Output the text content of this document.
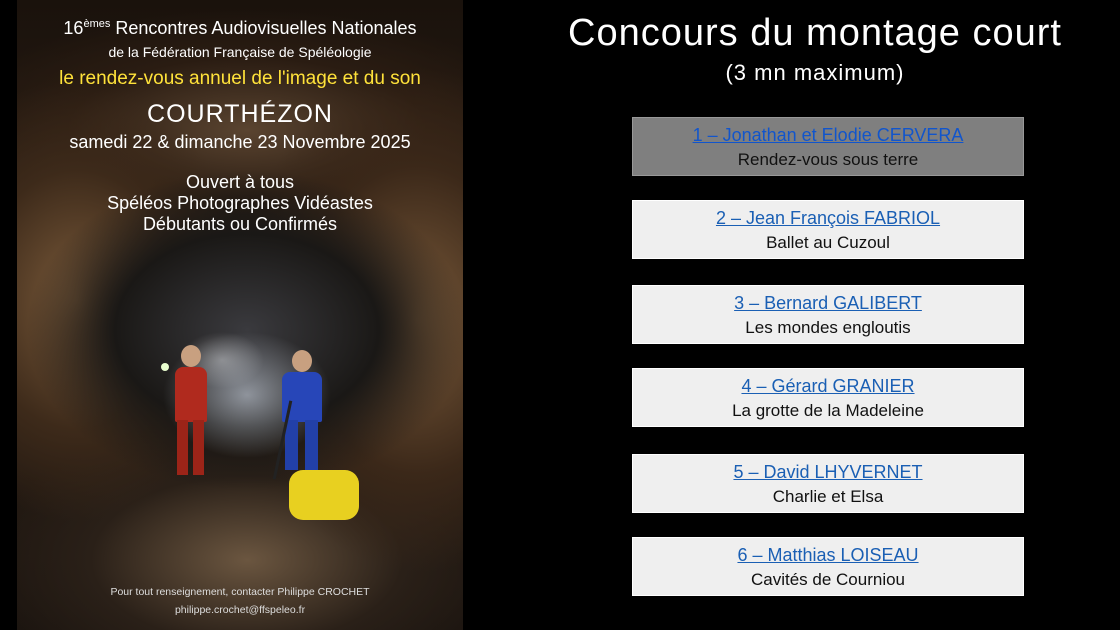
16èmes Rencontres Audiovisuelles Nationales
de la Fédération Française de Spéléologie
le rendez-vous annuel de l'image et du son
COURTHÉZON
samedi 22 & dimanche 23 Novembre 2025
Ouvert à tous
Spéléos Photographes Vidéastes
Débutants ou Confirmés
Pour tout renseignement, contacter Philippe CROCHET
philippe.crochet@ffspeleo.fr
Concours du montage court
(3 mn maximum)
1 – Jonathan et Elodie CERVERA
Rendez-vous sous terre
2 – Jean François FABRIOL
Ballet au Cuzoul
3 – Bernard GALIBERT
Les mondes engloutis
4 – Gérard GRANIER
La grotte de la Madeleine
5 – David LHYVERNET
Charlie et Elsa
6 – Matthias LOISEAU
Cavités de Courniou
